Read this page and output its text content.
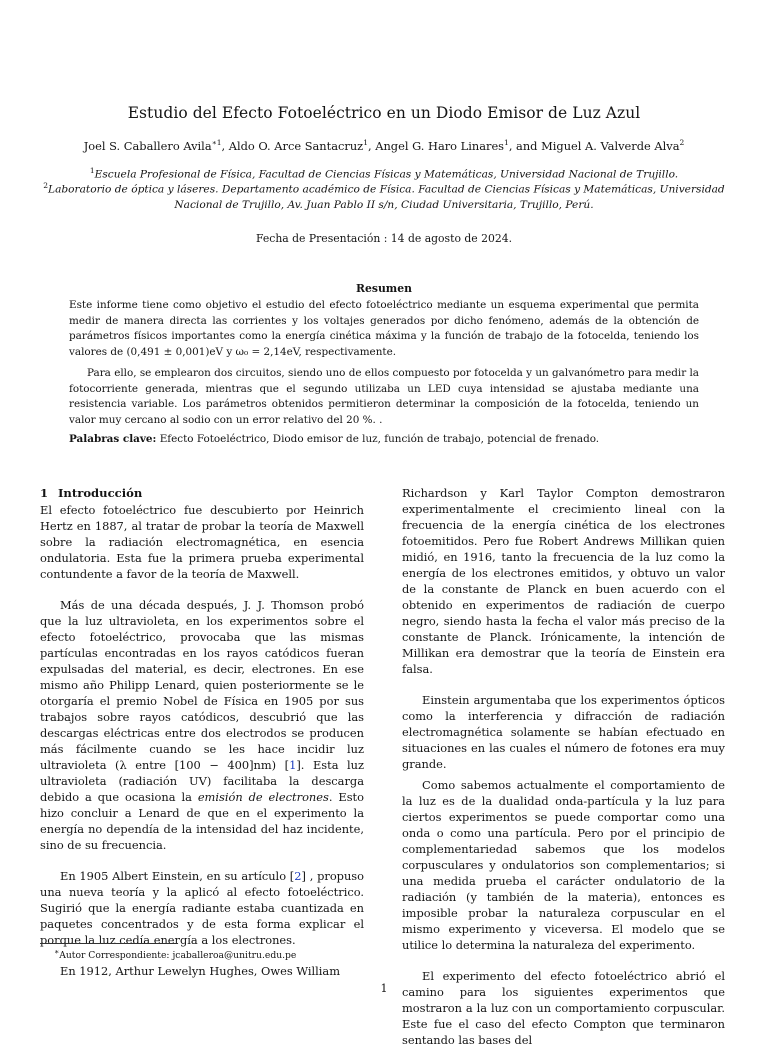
Estudio del Efecto Fotoeléctrico en un Diodo Emisor de Luz Azul
Joel S. Caballero Avila$^{∗1}$, Aldo O. Arce Santacruz$^1$, Angel G. Haro Linares$^1$, and Miguel A. Valverde Alva$^2$
$^1$Escuela Profesional de Física, Facultad de Ciencias Físicas y Matemáticas, Universidad Nacional de Trujillo.
$^2$Laboratorio de óptica y láseres. Departamento académico de Física. Facultad de Ciencias Físicas y Matemáticas, Universidad Nacional de Trujillo, Av. Juan Pablo II s/n, Ciudad Universitaria, Trujillo, Perú.
Fecha de Presentación : 14 de agosto de 2024.
Resumen

Este informe tiene como objetivo el estudio del efecto fotoeléctrico mediante un esquema experimental que permita medir de manera directa las corrientes y los voltajes generados por dicho fenómeno, además de la obtención de parámetros físicos importantes como la energía cinética máxima y la función de trabajo de la fotocelda, teniendo los valores de (0,491 ± 0,001)eV y ω₀ = 2,14eV, respectivamente.

Para ello, se emplearon dos circuitos, siendo uno de ellos compuesto por fotocelda y un galvanómetro para medir la fotocorriente generada, mientras que el segundo utilizaba un LED cuya intensidad se ajustaba mediante una resistencia variable. Los parámetros obtenidos permitieron determinar la composición de la fotocelda, teniendo un valor muy cercano al sodio con un error relativo del 20 %. .

Palabras clave: Efecto Fotoeléctrico, Diodo emisor de luz, función de trabajo, potencial de frenado.

1 Introducción

El efecto fotoeléctrico fue descubierto por Heinrich Hertz en 1887, al tratar de probar la teoría de Maxwell sobre la radiación electromagnética, en esencia ondulatoria. Esta fue la primera prueba experimental contundente a favor de la teoría de Maxwell.

Más de una década después, J. J. Thomson probó que la luz ultravioleta, en los experimentos sobre el efecto fotoeléctrico, provocaba que las mismas partículas encontradas en los rayos catódicos fueran expulsadas del material, es decir, electrones. En ese mismo año Philipp Lenard, quien posteriormente se le otorgaría el premio Nobel de Física en 1905 por sus trabajos sobre rayos catódicos, descubrió que las descargas eléctricas entre dos electrodos se producen más fácilmente cuando se les hace incidir luz ultravioleta (λ entre [100 − 400]nm) [1]. Esta luz ultravioleta (radiación UV) facilitaba la descarga debido a que ocasiona la emisión de electrones. Esto hizo concluir a Lenard de que en el experimento la energía no dependía de la intensidad del haz incidente, sino de su frecuencia.

En 1905 Albert Einstein, en su artículo [2] , propuso una nueva teoría y la aplicó al efecto fotoeléctrico. Sugirió que la energía radiante estaba cuantizada en paquetes concentrados y de esta forma explicar el porque la luz cedía energía a los electrones.

En 1912, Arthur Lewelyn Hughes, Owes William

Richardson y Karl Taylor Compton demostraron experimentalmente el crecimiento lineal con la frecuencia de la energía cinética de los electrones fotoemitidos. Pero fue Robert Andrews Millikan quien midió, en 1916, tanto la frecuencia de la luz como la energía de los electrones emitidos, y obtuvo un valor de la constante de Planck en buen acuerdo con el obtenido en experimentos de radiación de cuerpo negro, siendo hasta la fecha el valor más preciso de la constante de Planck. Irónicamente, la intención de Millikan era demostrar que la teoría de Einstein era falsa.

Einstein argumentaba que los experimentos ópticos como la interferencia y difracción de radiación electromagnética solamente se habían efectuado en situaciones en las cuales el número de fotones era muy grande.

Como sabemos actualmente el comportamiento de la luz es de la dualidad onda-partícula y la luz para ciertos experimentos se puede comportar como una onda o como una partícula. Pero por el principio de complementariedad sabemos que los modelos corpusculares y ondulatorios son complementarios; si una medida prueba el carácter ondulatorio de la radiación (y también de la materia), entonces es imposible probar la naturaleza corpuscular en el mismo experimento y viceversa. El modelo que se utilice lo determina la naturaleza del experimento.

El experimento del efecto fotoeléctrico abrió el camino para los siguientes experimentos que mostraron a la luz con un comportamiento corpuscular. Este fue el caso del efecto Compton que terminaron sentando las bases del

∗Autor Correspondiente: jcaballeroa@unitru.edu.pe
1
